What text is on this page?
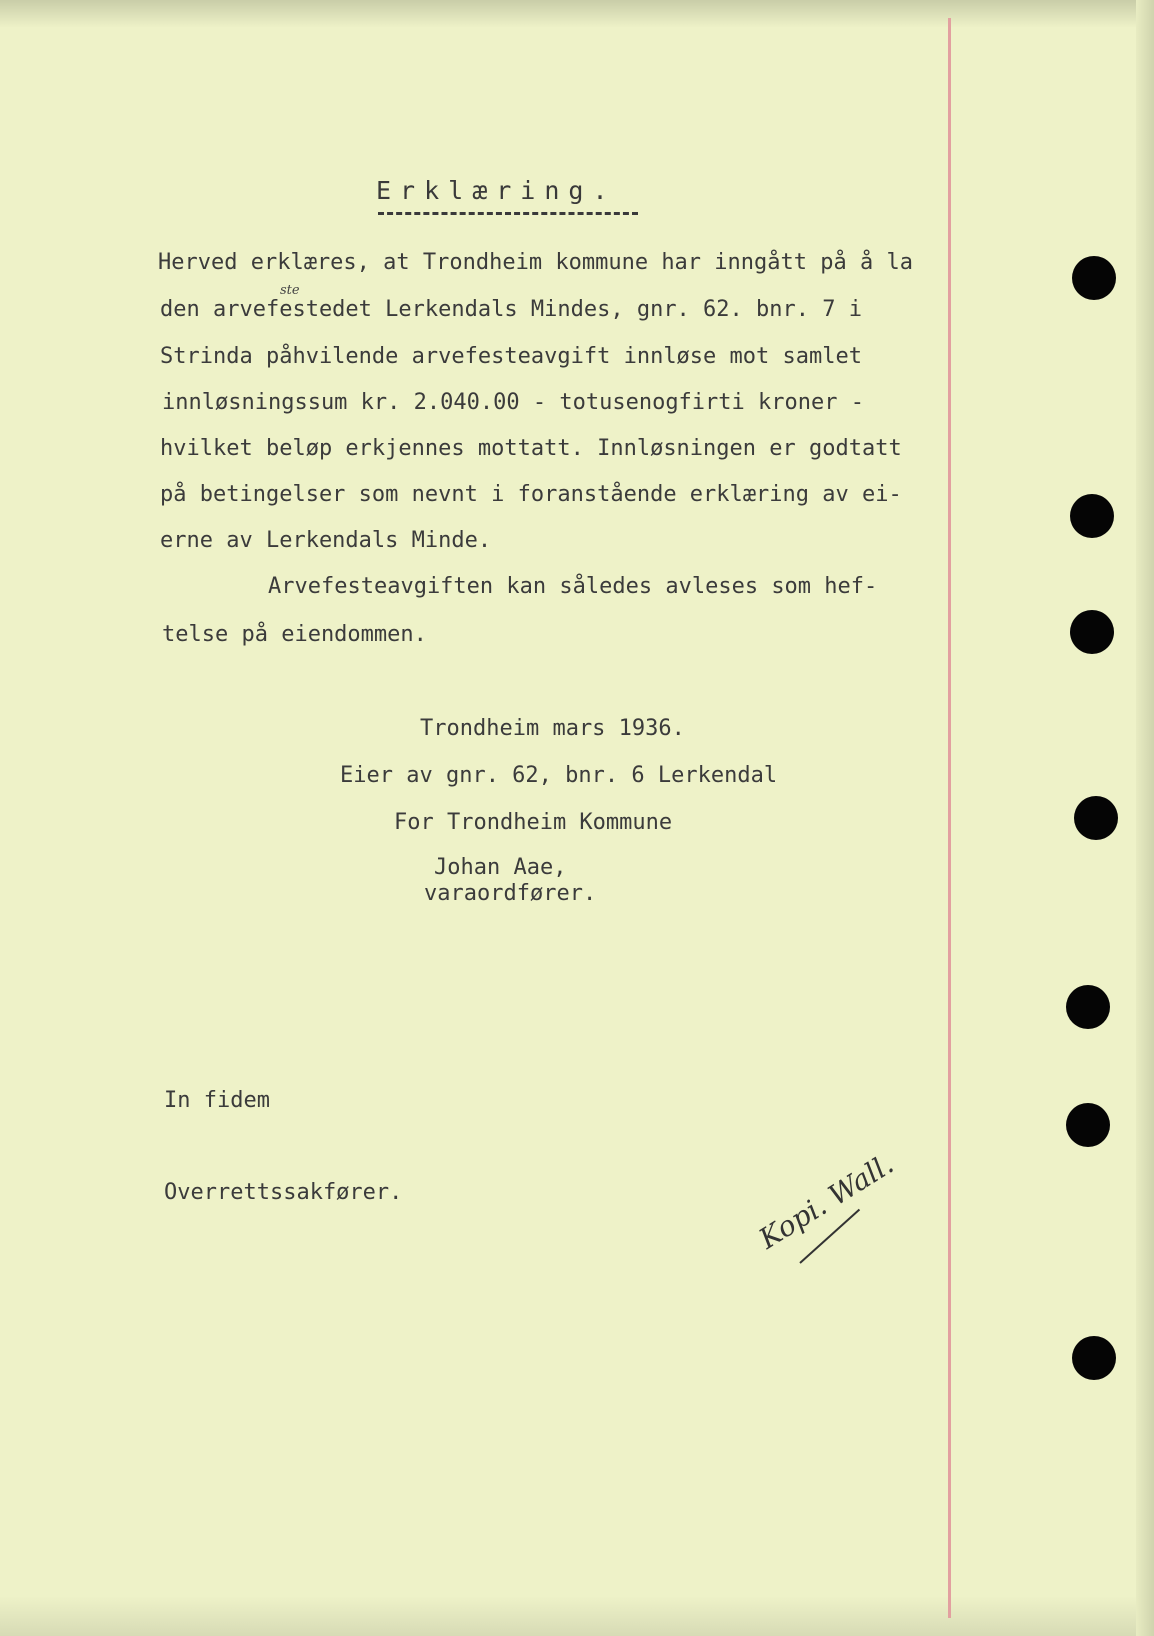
Erklæring.
Herved erklæres, at Trondheim kommune har inngått på å la
ste
den arvefestedet Lerkendals Mindes, gnr. 62. bnr. 7 i
Strinda påhvilende arvefesteavgift innløse mot samlet
innløsningssum kr. 2.040.00 - totusenogfirti kroner -
hvilket beløp erkjennes mottatt. Innløsningen er godtatt
på betingelser som nevnt i foranstående erklæring av ei-
erne av Lerkendals Minde.
Arvefesteavgiften kan således avleses som hef-
telse på eiendommen.
Trondheim mars 1936.
Eier av gnr. 62, bnr. 6 Lerkendal
For Trondheim Kommune
Johan Aae,
varaordfører.
In fidem
Overrettssakfører.	Kopi. Wall.
